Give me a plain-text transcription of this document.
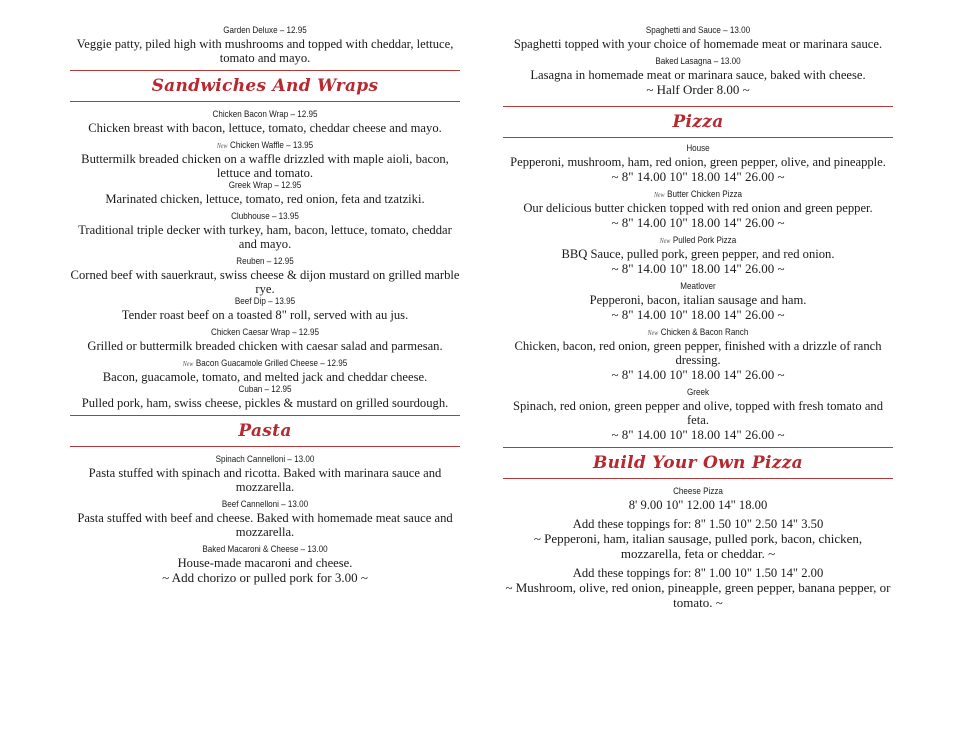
Garden Deluxe – 12.95
Veggie patty, piled high with mushrooms and topped with cheddar, lettuce, tomato and mayo.
Sandwiches And Wraps
Chicken Bacon Wrap – 12.95
Chicken breast with bacon, lettuce, tomato, cheddar cheese and mayo.
New Chicken Waffle – 13.95
Buttermilk breaded chicken on a waffle drizzled with maple aioli, bacon, lettuce and tomato.
Greek Wrap – 12.95
Marinated chicken, lettuce, tomato, red onion, feta and tzatziki.
Clubhouse – 13.95
Traditional triple decker with turkey, ham, bacon, lettuce, tomato, cheddar and mayo.
Reuben – 12.95
Corned beef with sauerkraut, swiss cheese & dijon mustard on grilled marble rye.
Beef Dip – 13.95
Tender roast beef on a toasted 8" roll, served with au jus.
Chicken Caesar Wrap – 12.95
Grilled or buttermilk breaded chicken with caesar salad and parmesan.
New Bacon Guacamole Grilled Cheese – 12.95
Bacon, guacamole, tomato, and melted jack and cheddar cheese.
Cuban – 12.95
Pulled pork, ham, swiss cheese, pickles & mustard on grilled sourdough.
Pasta
Spinach Cannelloni – 13.00
Pasta stuffed with spinach and ricotta. Baked with marinara sauce and mozzarella.
Beef Cannelloni – 13.00
Pasta stuffed with beef and cheese. Baked with homemade meat sauce and mozzarella.
Baked Macaroni & Cheese – 13.00
House-made macaroni and cheese.
~ Add chorizo or pulled pork for 3.00 ~
Spaghetti and Sauce – 13.00
Spaghetti topped with your choice of homemade meat or marinara sauce.
Baked Lasagna – 13.00
Lasagna in homemade meat or marinara sauce, baked with cheese.
~ Half Order 8.00 ~
Pizza
House
Pepperoni, mushroom, ham, red onion, green pepper, olive, and pineapple.
~ 8" 14.00 10" 18.00 14" 26.00 ~
New Butter Chicken Pizza
Our delicious butter chicken topped with red onion and green pepper.
~ 8" 14.00 10" 18.00 14" 26.00 ~
New Pulled Pork Pizza
BBQ Sauce, pulled pork, green pepper, and red onion.
~ 8" 14.00 10" 18.00 14" 26.00 ~
Meatlover
Pepperoni, bacon, italian sausage and ham.
~ 8" 14.00 10" 18.00 14" 26.00 ~
New Chicken & Bacon Ranch
Chicken, bacon, red onion, green pepper, finished with a drizzle of ranch dressing.
~ 8" 14.00 10" 18.00 14" 26.00 ~
Greek
Spinach, red onion, green pepper and olive, topped with fresh tomato and feta.
~ 8" 14.00 10" 18.00 14" 26.00 ~
Build Your Own Pizza
Cheese Pizza
8' 9.00 10" 12.00 14" 18.00
Add these toppings for: 8" 1.50 10" 2.50 14" 3.50
~ Pepperoni, ham, italian sausage, pulled pork, bacon, chicken, mozzarella, feta or cheddar. ~
Add these toppings for: 8" 1.00 10" 1.50 14" 2.00
~ Mushroom, olive, red onion, pineapple, green pepper, banana pepper, or tomato. ~
